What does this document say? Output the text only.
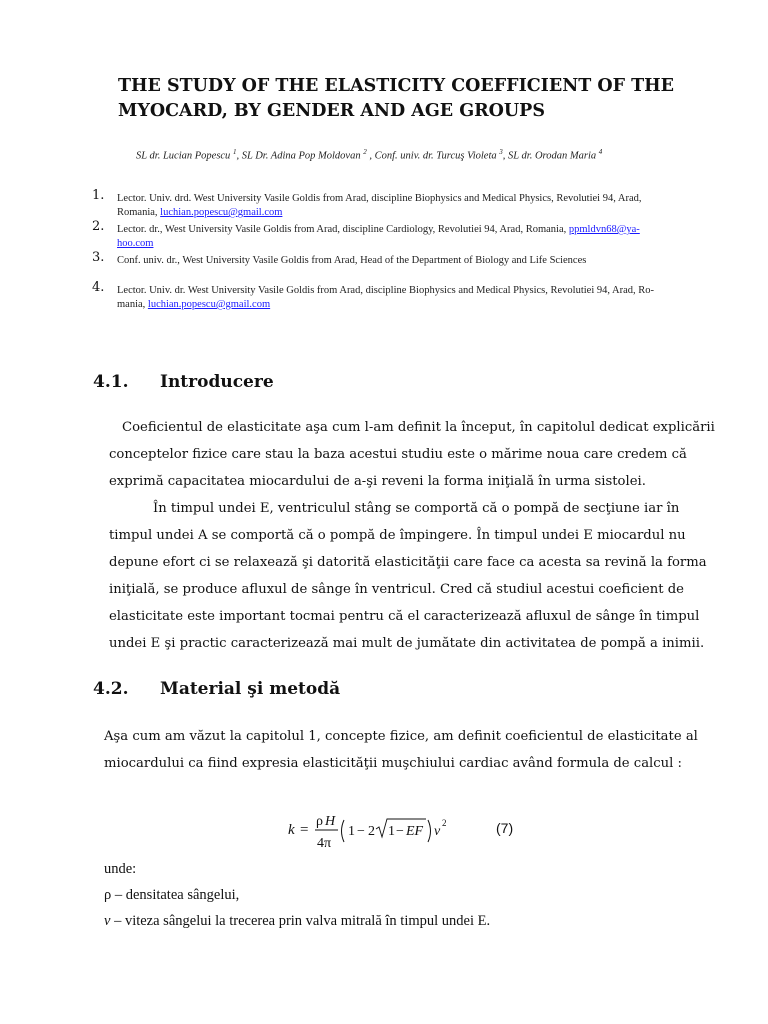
THE STUDY OF THE ELASTICITY COEFFICIENT OF THE
MYOCARD, BY GENDER AND AGE GROUPS
SL dr. Lucian Popescu $^1$, SL Dr. Adina Pop Moldovan $^2$ , Conf. univ. dr. Turcuş Violeta $^3$, SL dr. Orodan Maria $^4$
1. Lector. Univ. drd. West University Vasile Goldis from Arad, discipline Biophysics and Medical Physics, Revolutiei 94, Arad,
Romania, luchian.popescu@gmail.com
2. Lector. dr., West University Vasile Goldis from Arad, discipline Cardiology, Revolutiei 94, Arad, Romania, ppmldvn68@ya-
hoo.com
3. Conf. univ. dr., West University Vasile Goldis from Arad, Head of the Department of Biology and Life Sciences
4. Lector. Univ. dr. West University Vasile Goldis from Arad, discipline Biophysics and Medical Physics, Revolutiei 94, Arad, Ro-
mania, luchian.popescu@gmail.com
4.1. Introducere

Coeficientul de elasticitate aşa cum l-am definit la început, în capitolul dedicat explicării

conceptelor fizice care stau la baza acestui studiu este o mărime noua care credem că

exprimă capacitatea miocardului de a-şi reveni la forma iniţială în urma sistolei.

În timpul undei E, ventriculul stâng se comportă că o pompă de secţiune iar în

timpul undei A se comportă că o pompă de împingere. În timpul undei E miocardul nu

depune efort ci se relaxează şi datorită elasticităţii care face ca acesta sa revină la forma

iniţială, se produce afluxul de sânge în ventricul. Cred că studiul acestui coeficient de

elasticitate este important tocmai pentru că el caracterizează afluxul de sânge în timpul

undei E şi practic caracterizează mai mult de jumătate din activitatea de pompă a inimii.

4.2. Material şi metodă

Aşa cum am văzut la capitolul 1, concepte fizice, am definit coeficientul de elasticitate al

miocardului ca fiind expresia elasticităţii muşchiului cardiac având formula de calcul :

k =
ρ H
4π
1 − 2 1 − EF v
2	(7)

unde:

ρ – densitatea sângelui,

v – viteza sângelui la trecerea prin valva mitrală în timpul undei E.
